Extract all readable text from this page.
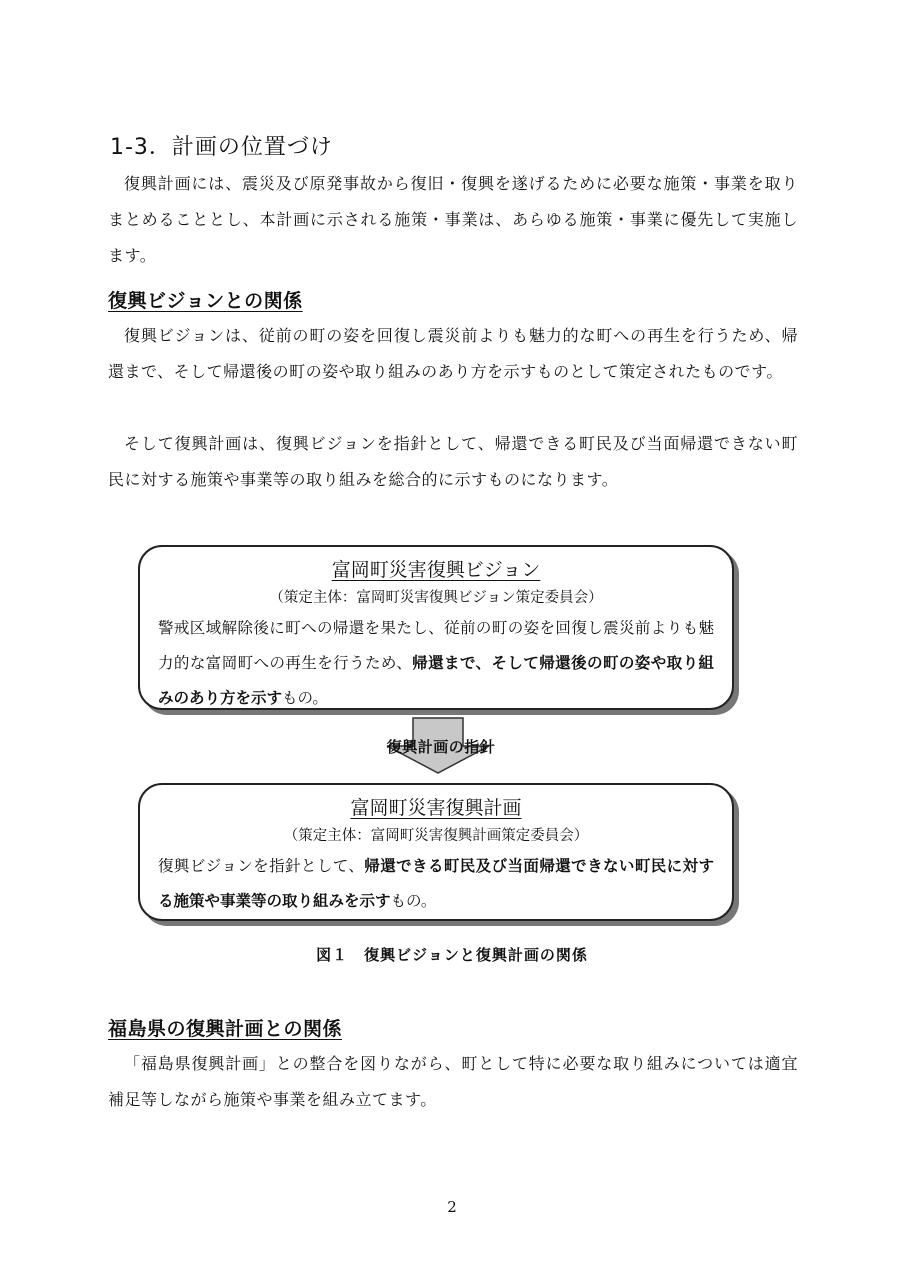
1-3．計画の位置づけ

復興計画には、震災及び原発事故から復旧・復興を遂げるために必要な施策・事業を取りまとめることとし、本計画に示される施策・事業は、あらゆる施策・事業に優先して実施します。

復興ビジョンとの関係

復興ビジョンは、従前の町の姿を回復し震災前よりも魅力的な町への再生を行うため、帰還まで、そして帰還後の町の姿や取り組みのあり方を示すものとして策定されたものです。

そして復興計画は、復興ビジョンを指針として、帰還できる町民及び当面帰還できない町民に対する施策や事業等の取り組みを総合的に示すものになります。

富岡町災害復興ビジョン
（策定主体：富岡町災害復興ビジョン策定委員会）
警戒区域解除後に町への帰還を果たし、従前の町の姿を回復し震災前よりも魅力的な富岡町への再生を行うため、帰還まで、そして帰還後の町の姿や取り組みのあり方を示すもの。
復興計画の指針
富岡町災害復興計画
（策定主体：富岡町災害復興計画策定委員会）
復興ビジョンを指針として、帰還できる町民及び当面帰還できない町民に対する施策や事業等の取り組みを示すもの。

図１　復興ビジョンと復興計画の関係

福島県の復興計画との関係

「福島県復興計画」との整合を図りながら、町として特に必要な取り組みについては適宜補足等しながら施策や事業を組み立てます。

2
